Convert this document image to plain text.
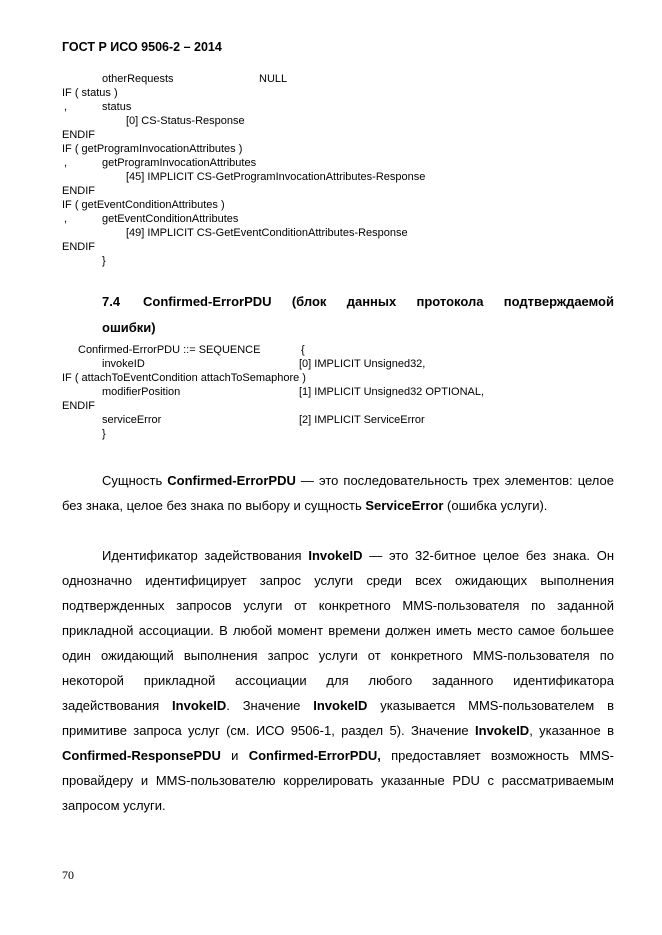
ГОСТ Р ИСО 9506-2 – 2014
otherRequests	NULL
IF ( status )
,	status
[0] CS-Status-Response
ENDIF
IF ( getProgramInvocationAttributes )
,	getProgramInvocationAttributes
[45] IMPLICIT CS-GetProgramInvocationAttributes-Response
ENDIF
IF ( getEventConditionAttributes )
,	getEventConditionAttributes
[49] IMPLICIT CS-GetEventConditionAttributes-Response
ENDIF
}
7.4 Confirmed-ErrorPDU (блок данных протокола подтверждаемой
ошибки)
Confirmed-ErrorPDU ::= SEQUENCE	{
invokeID	[0] IMPLICIT Unsigned32,
IF ( attachToEventCondition attachToSemaphore )
modifierPosition	[1] IMPLICIT Unsigned32 OPTIONAL,
ENDIF
serviceError	[2] IMPLICIT ServiceError
}

Сущность Confirmed-ErrorPDU — это последовательность трех элементов: целое без знака, целое без знака по выбору и сущность ServiceError (ошибка услуги).

Идентификатор задействования InvokeID — это 32-битное целое без знака. Он однозначно идентифицирует запрос услуги среди всех ожидающих выполнения подтвержденных запросов услуги от конкретного MMS-пользователя по заданной прикладной ассоциации. В любой момент времени должен иметь место самое большее один ожидающий выполнения запрос услуги от конкретного MMS-пользователя по некоторой прикладной ассоциации для любого заданного идентификатора задействования InvokeID. Значение InvokeID указывается MMS-пользователем в примитиве запроса услуг (см. ИСО 9506-1, раздел 5). Значение InvokeID, указанное в Confirmed-ResponsePDU и Confirmed-ErrorPDU, предоставляет возможность MMS-провайдеру и MMS-пользователю коррелировать указанные PDU с рассматриваемым запросом услуги.

70
